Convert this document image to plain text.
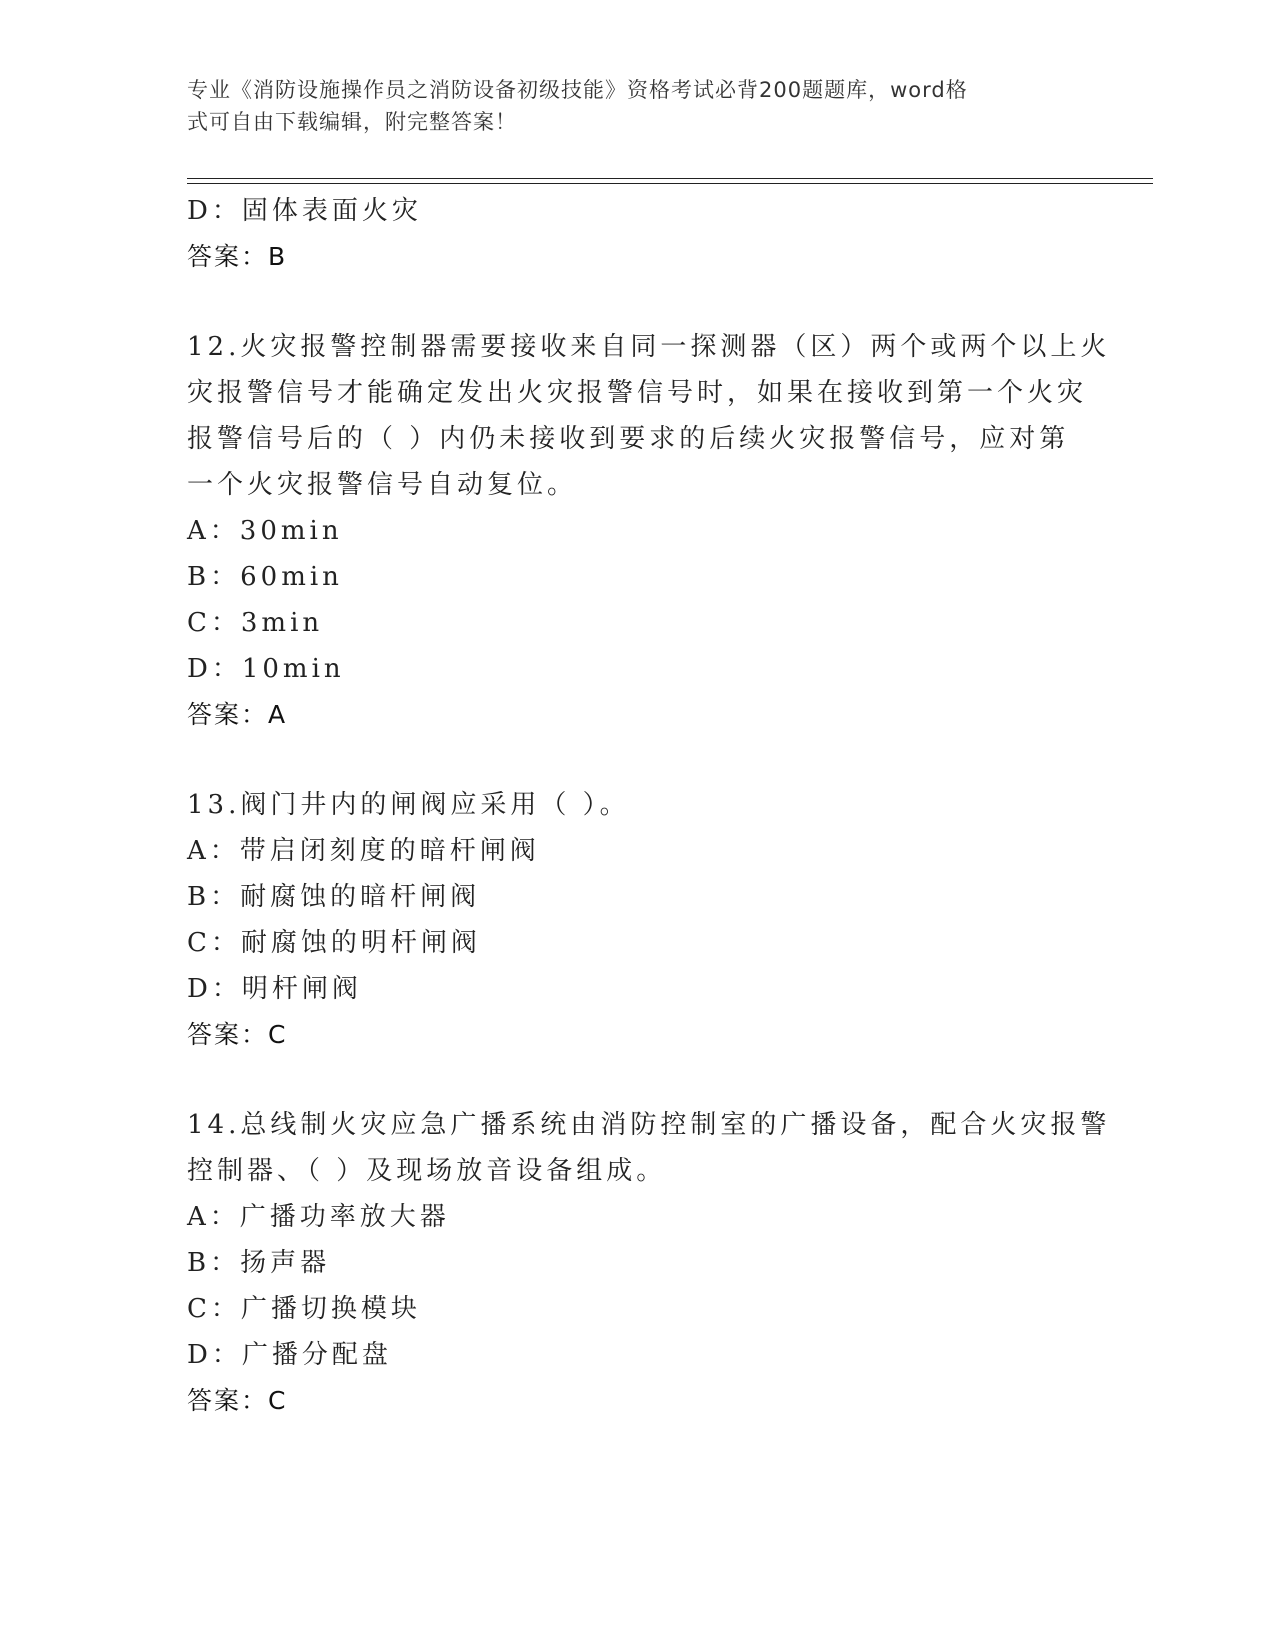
专业《消防设施操作员之消防设备初级技能》资格考试必背200题题库，word格
式可自由下载编辑，附完整答案！
D：固体表面火灾
答案：B
12.火灾报警控制器需要接收来自同一探测器（区）两个或两个以上火
灾报警信号才能确定发出火灾报警信号时，如果在接收到第一个火灾
报警信号后的（ ）内仍未接收到要求的后续火灾报警信号，应对第
一个火灾报警信号自动复位。
A：30min
B：60min
C：3min
D：10min
答案：A
13.阀门井内的闸阀应采用（ ）。
A：带启闭刻度的暗杆闸阀
B：耐腐蚀的暗杆闸阀
C：耐腐蚀的明杆闸阀
D：明杆闸阀
答案：C
14.总线制火灾应急广播系统由消防控制室的广播设备，配合火灾报警
控制器、（ ）及现场放音设备组成。
A：广播功率放大器
B：扬声器
C：广播切换模块
D：广播分配盘
答案：C
